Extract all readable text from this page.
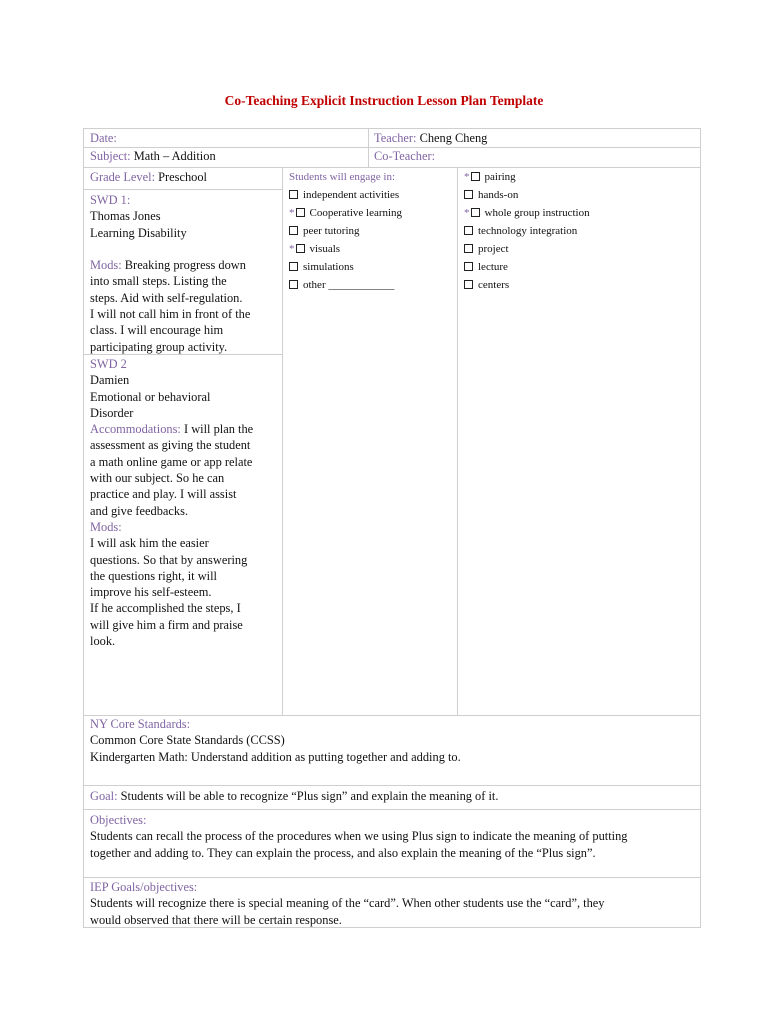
Co-Teaching Explicit Instruction Lesson Plan Template
Date:	Teacher: Cheng Cheng
Subject: Math – Addition	Co-Teacher:
Grade Level: Preschool
SWD 1:
Thomas Jones
Learning Disability
Mods: Breaking progress down
into small steps. Listing the
steps. Aid with self-regulation.
I will not call him in front of the
class. I will encourage him
participating group activity.
SWD 2
Damien
Emotional or behavioral
Disorder
Accommodations: I will plan the
assessment as giving the student
a math online game or app relate
with our subject. So he can
practice and play. I will assist
and give feedbacks.
Mods:
I will ask him the easier
questions. So that by answering
the questions right, it will
improve his self-esteem.
If he accomplished the steps, I
will give him a firm and praise
look.
Students will engage in:
independent activities
* Cooperative learning
peer tutoring
* visuals
simulations
other ____________
* pairing
hands-on
* whole group instruction
technology integration
project
lecture
centers
NY Core Standards:
Common Core State Standards (CCSS)
Kindergarten Math: Understand addition as putting together and adding to.
Goal: Students will be able to recognize “Plus sign” and explain the meaning of it.
Objectives:
Students can recall the process of the procedures when we using Plus sign to indicate the meaning of putting
together and adding to. They can explain the process, and also explain the meaning of the “Plus sign”.
IEP Goals/objectives:
Students will recognize there is special meaning of the “card”. When other students use the “card”, they
would observed that there will be certain response.
